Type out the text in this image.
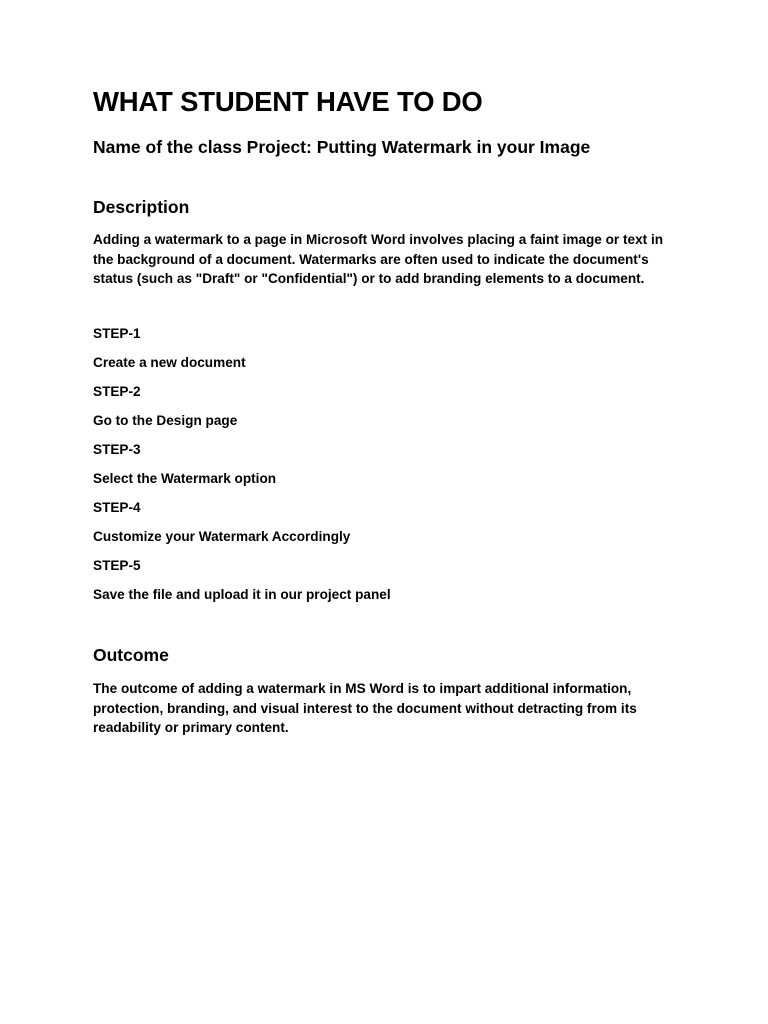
WHAT STUDENT HAVE TO DO
Name of the class Project: Putting Watermark in your Image
Description

Adding a watermark to a page in Microsoft Word involves placing a faint image or text in the background of a document. Watermarks are often used to indicate the document's status (such as "Draft" or "Confidential") or to add branding elements to a document.

STEP-1
Create a new document
STEP-2
Go to the Design page
STEP-3
Select the Watermark option
STEP-4
Customize your Watermark Accordingly
STEP-5
Save the file and upload it in our project panel
Outcome

The outcome of adding a watermark in MS Word is to impart additional information, protection, branding, and visual interest to the document without detracting from its readability or primary content.
